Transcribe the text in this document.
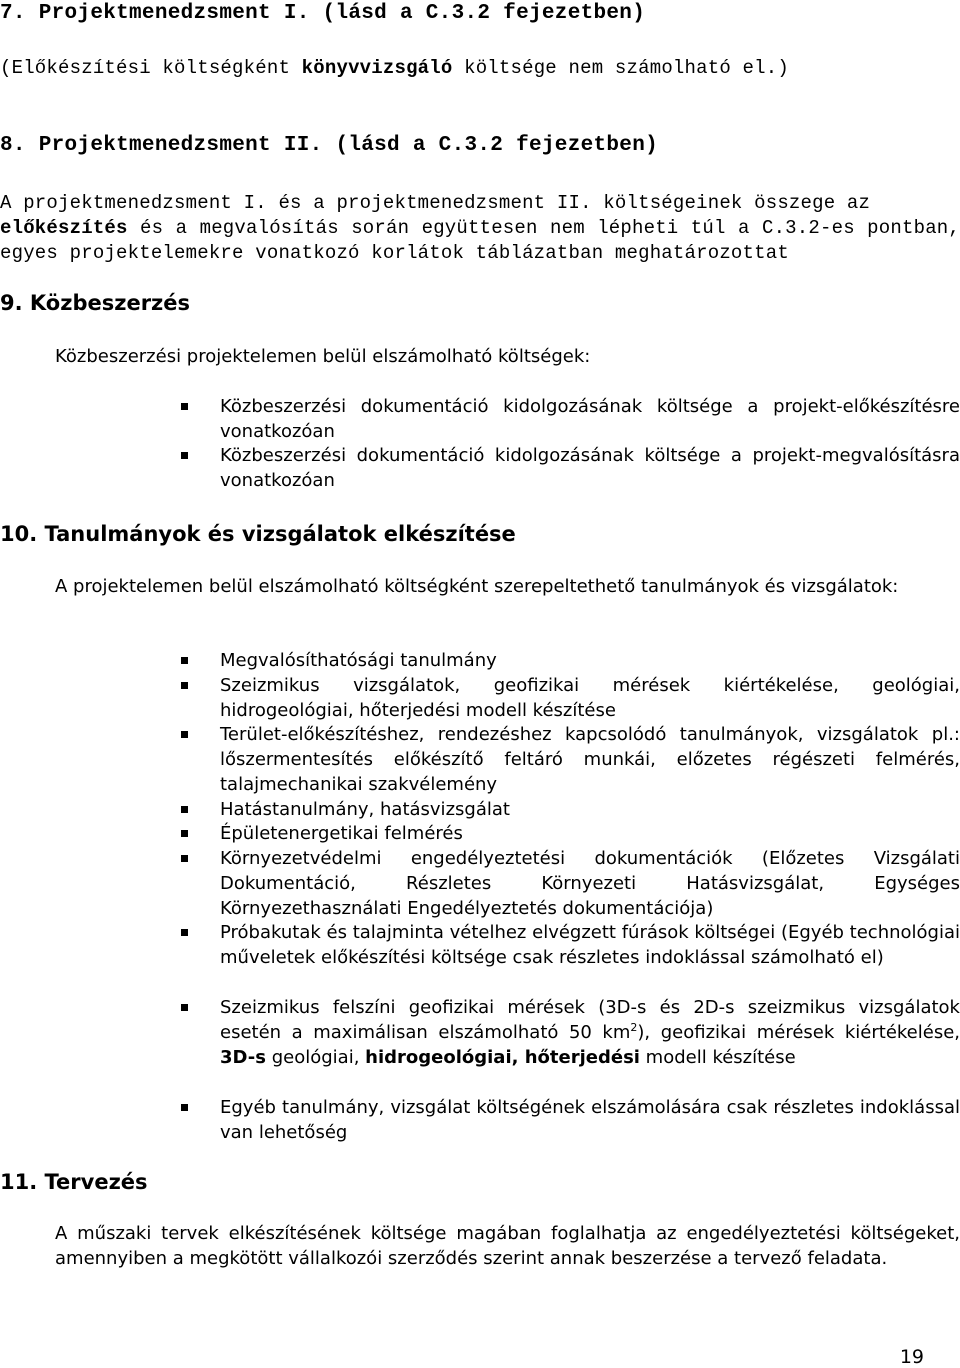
7. Projektmenedzsment I. (lásd a C.3.2 fejezetben)
(Előkészítési költségként könyvvizsgáló költsége nem számolható el.)
8. Projektmenedzsment II. (lásd a C.3.2 fejezetben)
A projektmenedzsment I. és a projektmenedzsment II. költségeinek összege az
előkészítés és a megvalósítás során együttesen nem lépheti túl a C.3.2-es pontban,
egyes projektelemekre vonatkozó korlátok táblázatban meghatározottat
9. Közbeszerzés
Közbeszerzési projektelemen belül elszámolható költségek:
Közbeszerzési dokumentáció kidolgozásának költsége a projekt-előkészítésre vonatkozóan
Közbeszerzési dokumentáció kidolgozásának költsége a projekt-megvalósításra vonatkozóan
10. Tanulmányok és vizsgálatok elkészítése
A projektelemen belül elszámolható költségként szerepeltethető tanulmányok és vizsgálatok:
Megvalósíthatósági tanulmány
Szeizmikus vizsgálatok, geofizikai mérések kiértékelése, geológiai, hidrogeológiai, hőterjedési modell készítése
Terület-előkészítéshez, rendezéshez kapcsolódó tanulmányok, vizsgálatok pl.: lőszermentesítés előkészítő feltáró munkái, előzetes régészeti felmérés, talajmechanikai szakvélemény
Hatástanulmány, hatásvizsgálat
Épületenergetikai felmérés
Környezetvédelmi engedélyeztetési dokumentációk (Előzetes Vizsgálati Dokumentáció, Részletes Környezeti Hatásvizsgálat, Egységes Környezethasználati Engedélyeztetés dokumentációja)
Próbakutak és talajminta vételhez elvégzett fúrások költségei (Egyéb technológiai műveletek előkészítési költsége csak részletes indoklással számolható el)
Szeizmikus felszíni geofizikai mérések (3D-s és 2D-s szeizmikus vizsgálatok esetén a maximálisan elszámolható 50 $km^2$), geofizikai mérések kiértékelése, 3D-s geológiai, hidrogeológiai, hőterjedési modell készítése
Egyéb tanulmány, vizsgálat költségének elszámolására csak részletes indoklással van lehetőség
11. Tervezés
A műszaki tervek elkészítésének költsége magában foglalhatja az engedélyeztetési költségeket, amennyiben a megkötött vállalkozói szerződés szerint annak beszerzése a tervező feladata.
19
